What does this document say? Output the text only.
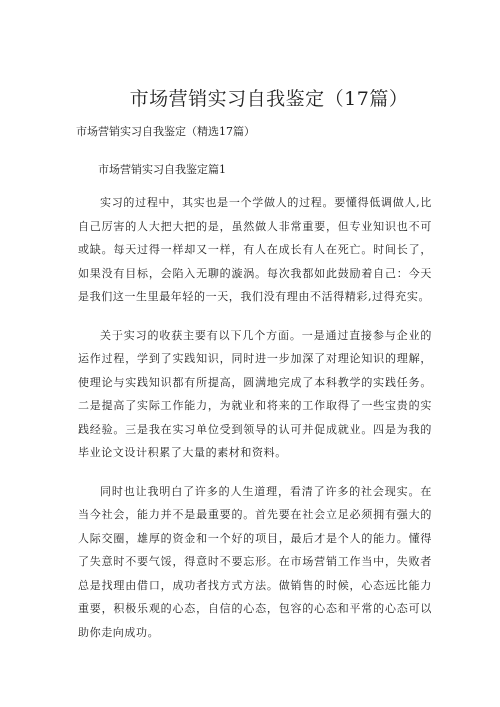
市场营销实习自我鉴定（17篇）
市场营销实习自我鉴定（精选17篇）
市场营销实习自我鉴定篇1

实习的过程中，其实也是一个学做人的过程。要懂得低调做人,比自己厉害的人大把大把的是，虽然做人非常重要，但专业知识也不可或缺。每天过得一样却又一样，有人在成长有人在死亡。时间长了，如果没有目标，会陷入无聊的漩涡。每次我都如此鼓励着自己：今天是我们这一生里最年轻的一天，我们没有理由不活得精彩,过得充实。

关于实习的收获主要有以下几个方面。一是通过直接参与企业的运作过程，学到了实践知识，同时进一步加深了对理论知识的理解，使理论与实践知识都有所提高，圆满地完成了本科教学的实践任务。二是提高了实际工作能力，为就业和将来的工作取得了一些宝贵的实践经验。三是我在实习单位受到领导的认可并促成就业。四是为我的毕业论文设计积累了大量的素材和资料。

同时也让我明白了许多的人生道理，看清了许多的社会现实。在当今社会，能力并不是最重要的。首先要在社会立足必须拥有强大的人际交圈，雄厚的资金和一个好的项目，最后才是个人的能力。懂得了失意时不要气馁，得意时不要忘形。在市场营销工作当中，失败者总是找理由借口，成功者找方式方法。做销售的时候，心态远比能力重要，积极乐观的心态，自信的心态，包容的心态和平常的心态可以助你走向成功。
